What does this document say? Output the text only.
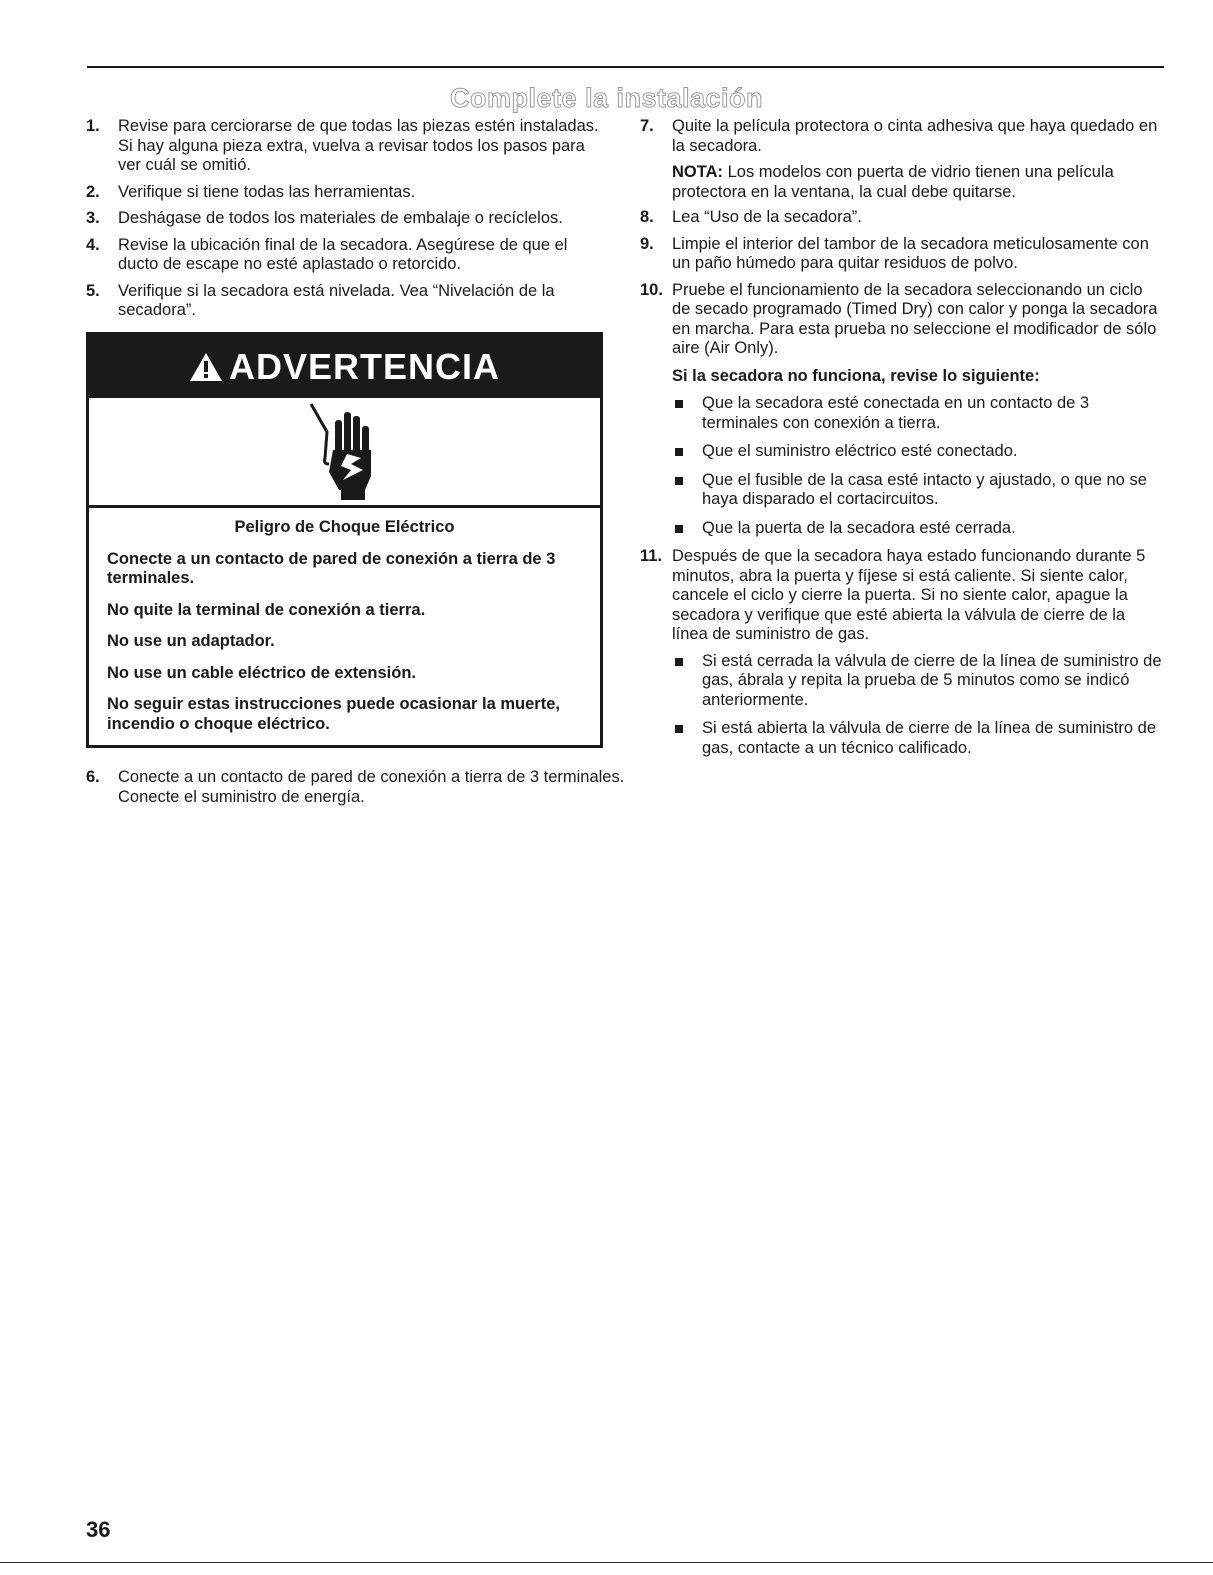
Complete la instalación
1. Revise para cerciorarse de que todas las piezas estén instaladas. Si hay alguna pieza extra, vuelva a revisar todos los pasos para ver cuál se omitió.

2. Verifique si tiene todas las herramientas.

3. Deshágase de todos los materiales de embalaje o recíclelos.

4. Revise la ubicación final de la secadora. Asegúrese de que el ducto de escape no esté aplastado o retorcido.

5. Verifique si la secadora está nivelada. Vea “Nivelación de la secadora”.

ADVERTENCIA

Peligro de Choque Eléctrico

Conecte a un contacto de pared de conexión a tierra de 3 terminales.

No quite la terminal de conexión a tierra.

No use un adaptador.

No use un cable eléctrico de extensión.

No seguir estas instrucciones puede ocasionar la muerte, incendio o choque eléctrico.

6. Conecte a un contacto de pared de conexión a tierra de 3 terminales. Conecte el suministro de energía.

7. Quite la película protectora o cinta adhesiva que haya quedado en la secadora.

NOTA: Los modelos con puerta de vidrio tienen una película protectora en la ventana, la cual debe quitarse.
8. Lea “Uso de la secadora”.

9. Limpie el interior del tambor de la secadora meticulosamente con un paño húmedo para quitar residuos de polvo.

10. Pruebe el funcionamiento de la secadora seleccionando un ciclo de secado programado (Timed Dry) con calor y ponga la secadora en marcha. Para esta prueba no seleccione el modificador de sólo aire (Air Only).

Si la secadora no funciona, revise lo siguiente:
Que la secadora esté conectada en un contacto de 3 terminales con conexión a tierra.
Que el suministro eléctrico esté conectado.
Que el fusible de la casa esté intacto y ajustado, o que no se haya disparado el cortacircuitos.
Que la puerta de la secadora esté cerrada.
11. Después de que la secadora haya estado funcionando durante 5 minutos, abra la puerta y fíjese si está caliente. Si siente calor, cancele el ciclo y cierre la puerta. Si no siente calor, apague la secadora y verifique que esté abierta la válvula de cierre de la línea de suministro de gas.

Si está cerrada la válvula de cierre de la línea de suministro de gas, ábrala y repita la prueba de 5 minutos como se indicó anteriormente.
Si está abierta la válvula de cierre de la línea de suministro de gas, contacte a un técnico calificado.
36
